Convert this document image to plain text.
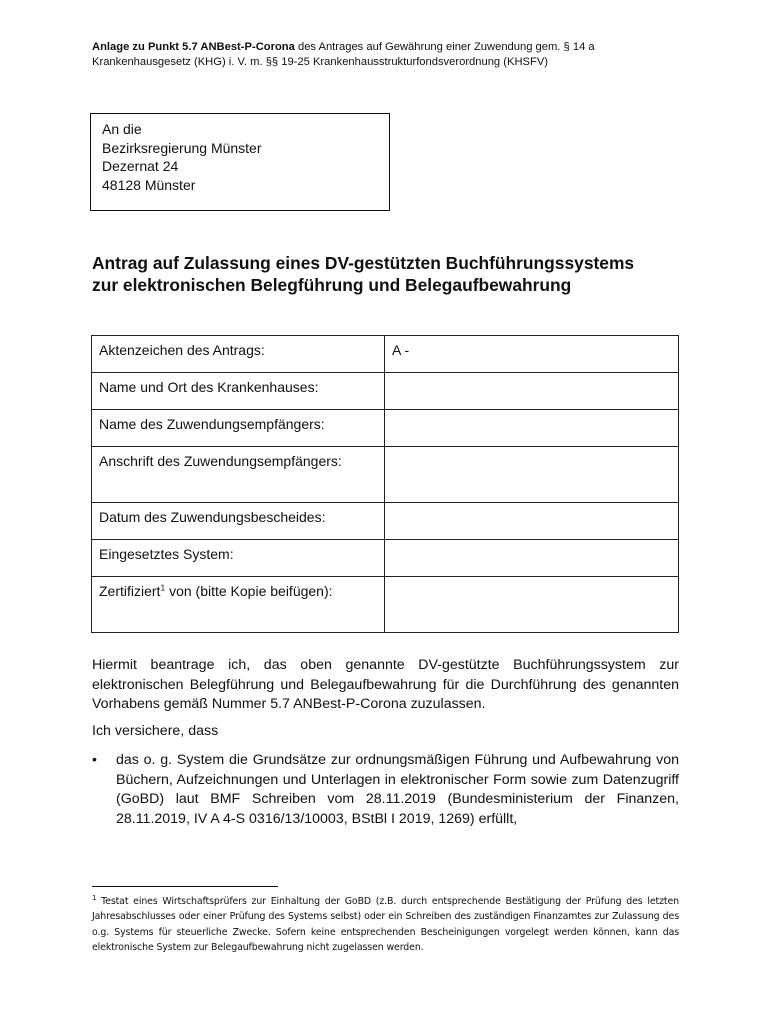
Anlage zu Punkt 5.7 ANBest-P-Corona des Antrages auf Gewährung einer Zuwendung gem. § 14 a Krankenhausgesetz (KHG) i. V. m. §§ 19-25 Krankenhausstrukturfondsverordnung (KHSFV)
An die
Bezirksregierung Münster
Dezernat 24
48128 Münster
Antrag auf Zulassung eines DV-gestützten Buchführungssystems
zur elektronischen Belegführung und Belegaufbewahrung
Aktenzeichen des Antrags:	A -
Name und Ort des Krankenhauses:	
Name des Zuwendungsempfängers:	
Anschrift des Zuwendungsempfängers:	
Datum des Zuwendungsbescheides:	
Eingesetztes System:	
Zertifiziert$^1$ von (bitte Kopie beifügen):	
Hiermit beantrage ich, das oben genannte DV-gestützte Buchführungssystem zur elektronischen Belegführung und Belegaufbewahrung für die Durchführung des genannten Vorhabens gemäß Nummer 5.7 ANBest-P-Corona zuzulassen.
Ich versichere, dass
•	das o. g. System die Grundsätze zur ordnungsmäßigen Führung und Aufbewahrung von Büchern, Aufzeichnungen und Unterlagen in elektronischer Form sowie zum Datenzugriff (GoBD) laut BMF Schreiben vom 28.11.2019 (Bundesministerium der Finanzen, 28.11.2019, IV A 4-S 0316/13/10003, BStBl I 2019, 1269) erfüllt,
$^1$ Testat eines Wirtschaftsprüfers zur Einhaltung der GoBD (z.B. durch entsprechende Bestätigung der Prüfung des letzten Jahresabschlusses oder einer Prüfung des Systems selbst) oder ein Schreiben des zuständigen Finanzamtes zur Zulassung des o.g. Systems für steuerliche Zwecke. Sofern keine entsprechenden Bescheinigungen vorgelegt werden können, kann das elektronische System zur Belegaufbewahrung nicht zugelassen werden.
